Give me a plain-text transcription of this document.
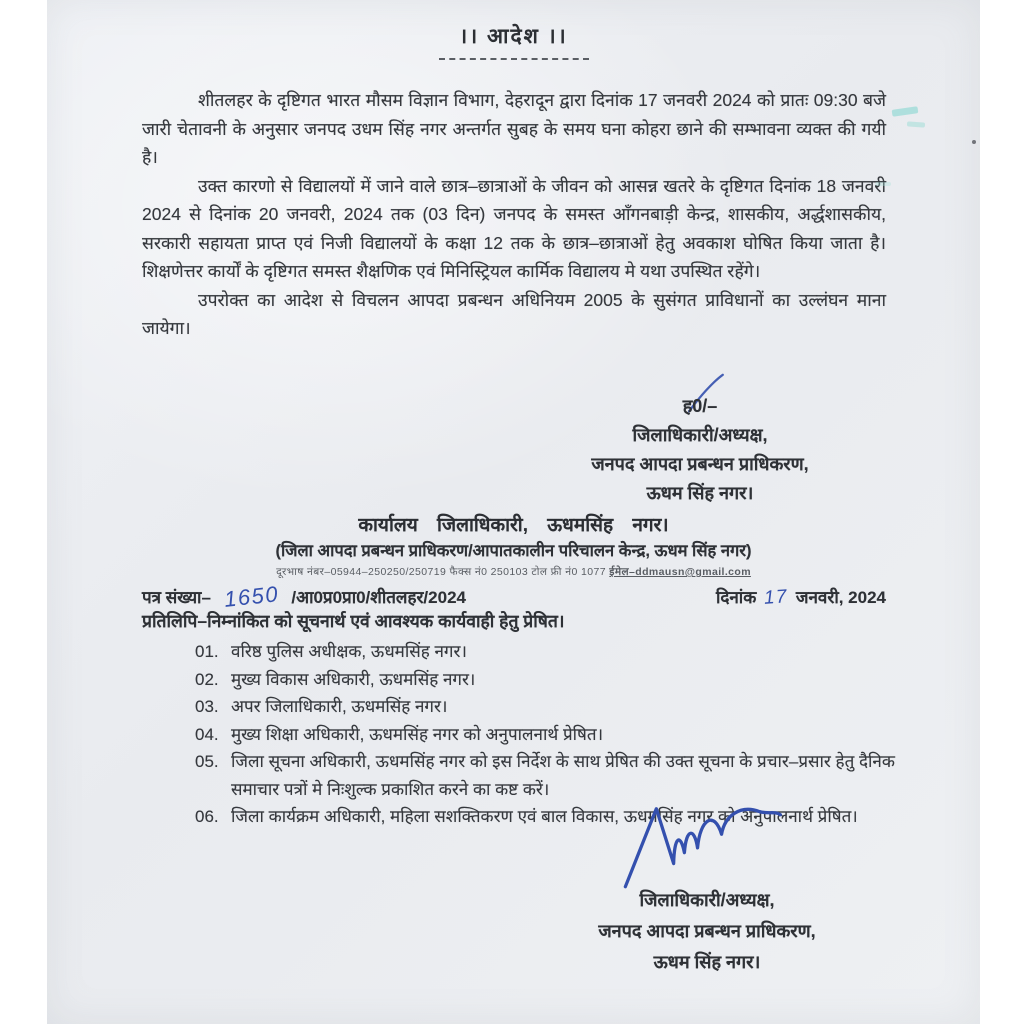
।। आदेश ।।

शीतलहर के दृष्टिगत भारत मौसम विज्ञान विभाग, देहरादून द्वारा दिनांक 17 जनवरी 2024 को प्रातः 09:30 बजे जारी चेतावनी के अनुसार जनपद उधम सिंह नगर अन्तर्गत सुबह के समय घना कोहरा छाने की सम्भावना व्यक्त की गयी है।

उक्त कारणो से विद्यालयों में जाने वाले छात्र–छात्राओं के जीवन को आसन्न खतरे के दृष्टिगत दिनांक 18 जनवरी 2024 से दिनांक 20 जनवरी, 2024 तक (03 दिन) जनपद के समस्त आँगनबाड़ी केन्द्र, शासकीय, अर्द्धशासकीय, सरकारी सहायता प्राप्त एवं निजी विद्यालयों के कक्षा 12 तक के छात्र–छात्राओं हेतु अवकाश घोषित किया जाता है। शिक्षणेत्तर कार्यों के दृष्टिगत समस्त शैक्षणिक एवं मिनिस्ट्रियल कार्मिक विद्यालय मे यथा उपस्थित रहेंगे।

उपरोक्त का आदेश से विचलन आपदा प्रबन्धन अधिनियम 2005 के सुसंगत प्राविधानों का उल्लंघन माना जायेगा।

ह0/–
जिलाधिकारी/अध्यक्ष,
जनपद आपदा प्रबन्धन प्राधिकरण,
ऊधम सिंह नगर।
कार्यालय जिलाधिकारी, ऊधमसिंह नगर।
(जिला आपदा प्रबन्धन प्राधिकरण/आपातकालीन परिचालन केन्द्र, ऊधम सिंह नगर)
दूरभाष नंबर–05944–250250/250719 फैक्स नं0 250103 टोल फ्री नं0 1077 ईमेल–ddmausn@gmail.com
पत्र संख्या– 1650 /आ0प्र0प्रा0/शीतलहर/2024	दिनांक 17 जनवरी, 2024
प्रतिलिपि–निम्नांकित को सूचनार्थ एवं आवश्यक कार्यवाही हेतु प्रेषित।
01. वरिष्ठ पुलिस अधीक्षक, ऊधमसिंह नगर।
02. मुख्य विकास अधिकारी, ऊधमसिंह नगर।
03. अपर जिलाधिकारी, ऊधमसिंह नगर।
04. मुख्य शिक्षा अधिकारी, ऊधमसिंह नगर को अनुपालनार्थ प्रेषित।
05. जिला सूचना अधिकारी, ऊधमसिंह नगर को इस निर्देश के साथ प्रेषित की उक्त सूचना के प्रचार–प्रसार हेतु दैनिक समाचार पत्रों मे निःशुल्क प्रकाशित करने का कष्ट करें।
06. जिला कार्यक्रम अधिकारी, महिला सशक्तिकरण एवं बाल विकास, ऊधमसिंह नगर को अनुपालनार्थ प्रेषित।
जिलाधिकारी/अध्यक्ष,
जनपद आपदा प्रबन्धन प्राधिकरण,
ऊधम सिंह नगर।
